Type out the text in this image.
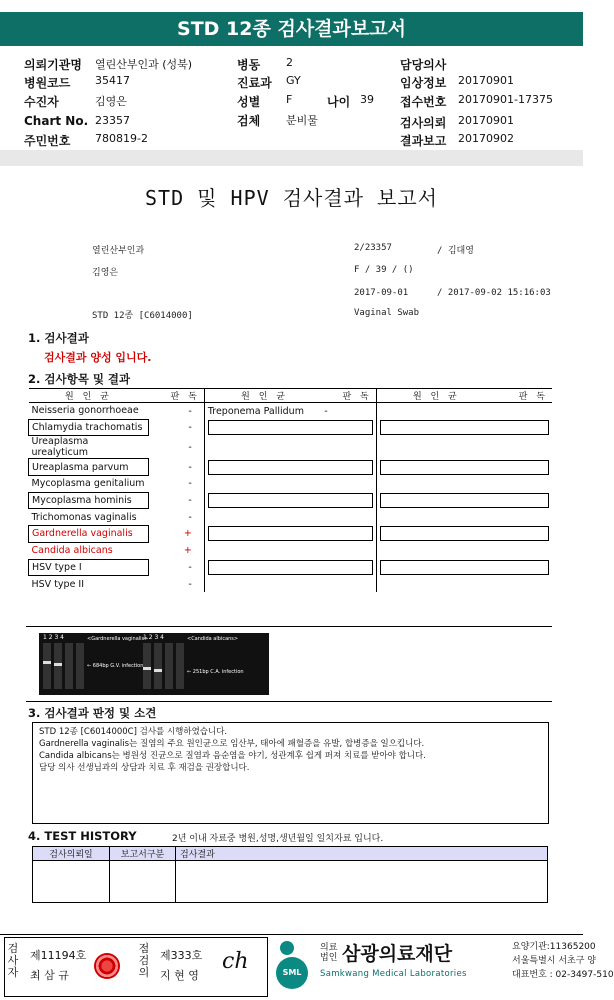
STD 12종 검사결과보고서
의뢰기관명 열린산부인과 (성북)
병원코드 35417
수진자	김영은
Chart No. 23357
주민번호 780819-2
병동 2
진료과 GY
성별 F	나이 39
검체 분비물
담당의사
임상정보 20170901
접수번호 20170901-17375
검사의뢰 20170901
결과보고 20170902
STD 및 HPV 검사결과 보고서
열린산부인과
김영은
STD 12종 [C6014000]
2/23357	/ 김대영
F / 39 / ()
2017-09-01	/ 2017-09-02 15:16:03
Vaginal Swab
1. 검사결과
검사결과 양성 입니다.
2. 검사항목 및 결과
원 인 균	판 독	원 인 균	판 독	원 인 균	판 독
Neisseria gonorrhoeae	-	Treponema Pallidum	-		
Chlamydia trachomatis	-			

Ureaplasma urealyticum	-				
Ureaplasma parvum	-			

Mycoplasma genitalium	-				
Mycoplasma hominis	-			

Trichomonas vaginalis	-				
Gardnerella vaginalis	+			

Candida albicans	+				
HSV type I	-			

HSV type II	-				
1 2 3 4	1 2 3 4
<Gardnerella vaginalis>
← 684bp G.V. infection
<Candida albicans>
← 251bp C.A. infection
3. 검사결과 판정 및 소견
STD 12종 [C6014000C] 검사를 시행하였습니다.
Gardnerella vaginalis는 질염의 주요 원인균으로 임산부, 태아에 패혈증을 유발, 합병증을 일으킵니다.
Candida albicans는 병원성 진균으로 질염과 음순염을 야기, 성관계후 쉽게 퍼져 치료를 받아야 합니다.
담당 의사 선생님과의 상담과 치료 후 재검을 권장합니다.
4. TEST HISTORY	2년 이내 자료중 병원,성명,생년월일 일치자료 입니다.
검사의뢰일	보고서구분	검사결과

검사자
제11194호
최 삼 규
점검의
제333호
지 현 영
ch	SML
의료법인 삼광의료재단
Samkwang Medical Laboratories
요양기관:11365200
서울특별시 서초구 양
대표번호 : 02-3497-510
